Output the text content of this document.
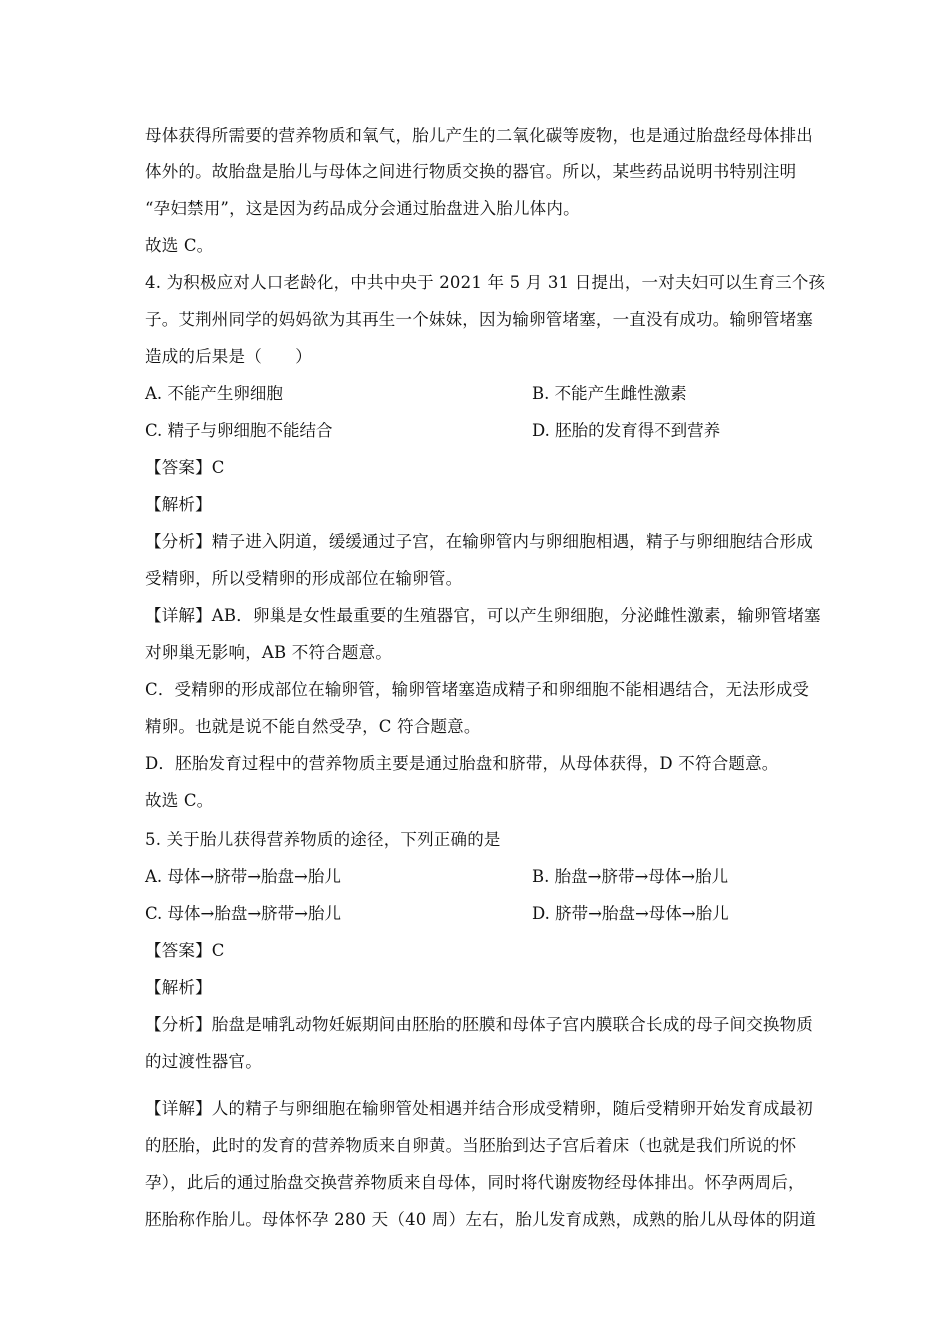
母体获得所需要的营养物质和氧气，胎儿产生的二氧化碳等废物，也是通过胎盘经母体排出
体外的。故胎盘是胎儿与母体之间进行物质交换的器官。所以，某些药品说明书特别注明
“孕妇禁用”，这是因为药品成分会通过胎盘进入胎儿体内。
故选 C。
4. 为积极应对人口老龄化，中共中央于 2021 年 5 月 31 日提出，一对夫妇可以生育三个孩
子。艾荆州同学的妈妈欲为其再生一个妹妹，因为输卵管堵塞，一直没有成功。输卵管堵塞
造成的后果是（　　）
A. 不能产生卵细胞	B. 不能产生雌性激素
C. 精子与卵细胞不能结合	D. 胚胎的发育得不到营养
【答案】C
【解析】
【分析】精子进入阴道，缓缓通过子宫，在输卵管内与卵细胞相遇，精子与卵细胞结合形成
受精卵，所以受精卵的形成部位在输卵管。
【详解】AB．卵巢是女性最重要的生殖器官，可以产生卵细胞，分泌雌性激素，输卵管堵塞
对卵巢无影响，AB 不符合题意。
C．受精卵的形成部位在输卵管，输卵管堵塞造成精子和卵细胞不能相遇结合，无法形成受
精卵。也就是说不能自然受孕，C 符合题意。
D．胚胎发育过程中的营养物质主要是通过胎盘和脐带，从母体获得，D 不符合题意。
故选 C。
5. 关于胎儿获得营养物质的途径，下列正确的是
A. 母体→脐带→胎盘→胎儿	B. 胎盘→脐带→母体→胎儿
C. 母体→胎盘→脐带→胎儿	D. 脐带→胎盘→母体→胎儿
【答案】C
【解析】
【分析】胎盘是哺乳动物妊娠期间由胚胎的胚膜和母体子宫内膜联合长成的母子间交换物质
的过渡性器官。
【详解】人的精子与卵细胞在输卵管处相遇并结合形成受精卵，随后受精卵开始发育成最初
的胚胎，此时的发育的营养物质来自卵黄。当胚胎到达子宫后着床（也就是我们所说的怀
孕），此后的通过胎盘交换营养物质来自母体，同时将代谢废物经母体排出。怀孕两周后，
胚胎称作胎儿。母体怀孕 280 天（40 周）左右，胎儿发育成熟，成熟的胎儿从母体的阴道
